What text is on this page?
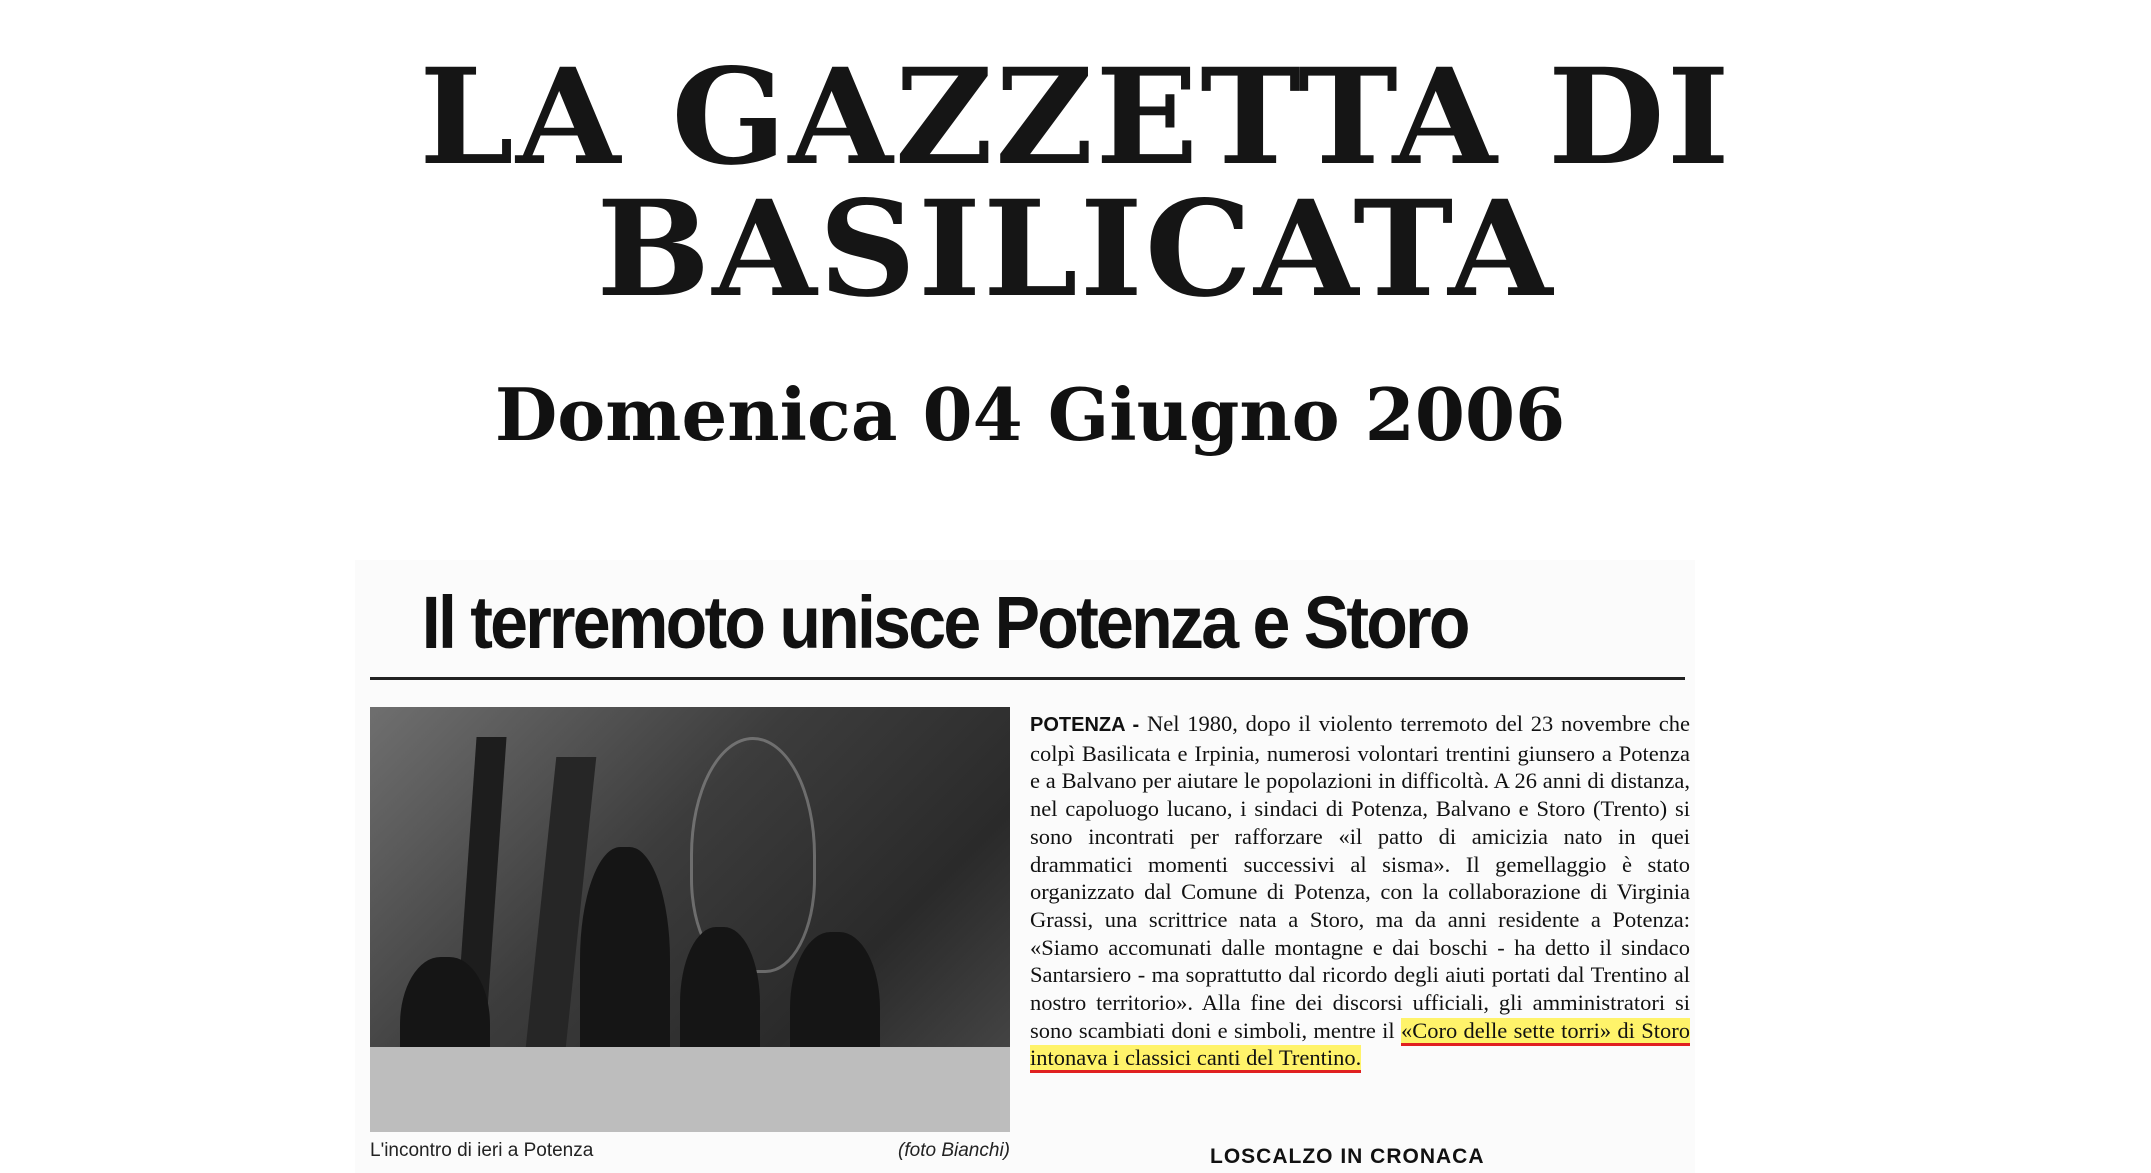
LA GAZZETTA DI BASILICATA
Domenica 04 Giugno 2006
Il terremoto unisce Potenza e Storo
L'incontro di ieri a Potenza	(foto Bianchi)
POTENZA - Nel 1980, dopo il violento terremoto del 23 novembre che colpì Basilicata e Irpinia, numerosi volontari trentini giunsero a Potenza e a Balvano per aiutare le popolazioni in difficoltà. A 26 anni di distanza, nel capoluogo lucano, i sindaci di Potenza, Balvano e Storo (Trento) si sono incontrati per rafforzare «il patto di amicizia nato in quei drammatici momenti successivi al sisma». Il gemellaggio è stato organizzato dal Comune di Potenza, con la collaborazione di Virginia Grassi, una scrittrice nata a Storo, ma da anni residente a Potenza: «Siamo accomunati dalle montagne e dai boschi - ha detto il sindaco Santarsiero - ma soprattutto dal ricordo degli aiuti portati dal Trentino al nostro territorio». Alla fine dei discorsi ufficiali, gli amministratori si sono scambiati doni e simboli, mentre il «Coro delle sette torri» di Storo intonava i classici canti del Trentino.
LOSCALZO IN CRONACA
